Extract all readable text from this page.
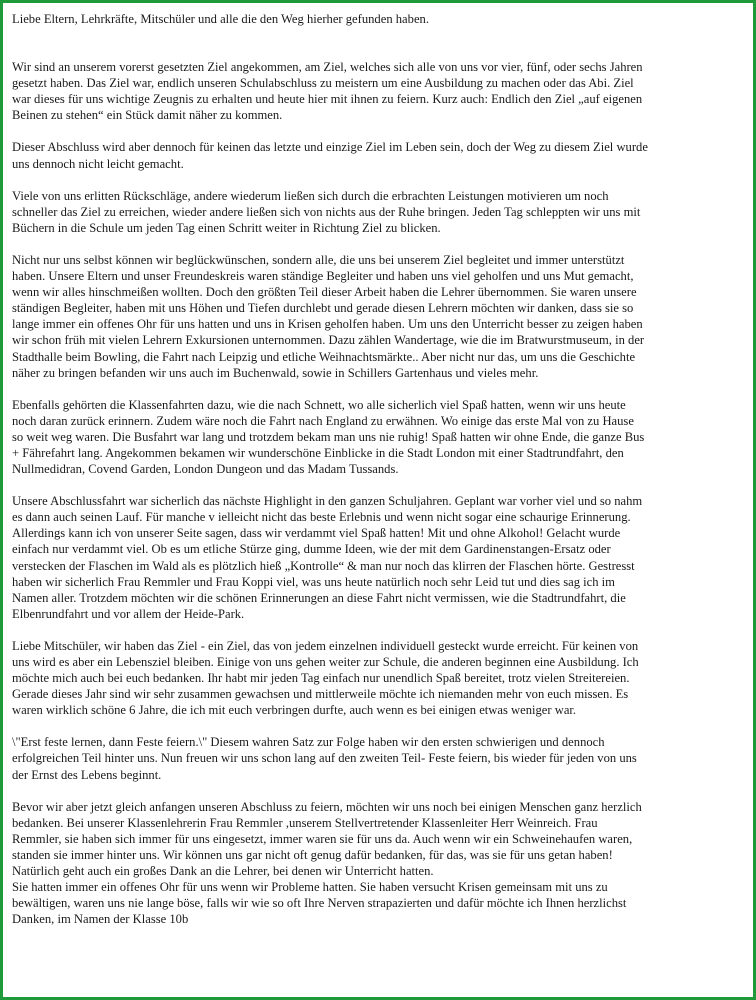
Liebe Eltern, Lehrkräfte, Mitschüler und alle die den Weg hierher gefunden haben.

Wir sind an unserem vorerst gesetzten Ziel angekommen, am Ziel, welches sich alle von uns vor vier, fünf, oder sechs Jahren
gesetzt haben. Das Ziel war, endlich unseren Schulabschluss zu meistern um eine Ausbildung zu machen oder das Abi. Ziel
war dieses für uns wichtige Zeugnis zu erhalten und heute hier mit ihnen zu feiern. Kurz auch: Endlich den Ziel „auf eigenen
Beinen zu stehen“ ein Stück damit näher zu kommen.

Dieser Abschluss wird aber dennoch für keinen das letzte und einzige Ziel im Leben sein, doch der Weg zu diesem Ziel wurde
uns dennoch nicht leicht gemacht.

Viele von uns erlitten Rückschläge, andere wiederum ließen sich durch die erbrachten Leistungen motivieren um noch
schneller das Ziel zu erreichen, wieder andere ließen sich von nichts aus der Ruhe bringen. Jeden Tag schleppten wir uns mit
Büchern in die Schule um jeden Tag einen Schritt weiter in Richtung Ziel zu blicken.

Nicht nur uns selbst können wir beglückwünschen, sondern alle, die uns bei unserem Ziel begleitet und immer unterstützt
haben. Unsere Eltern und unser Freundeskreis waren ständige Begleiter und haben uns viel geholfen und uns Mut gemacht,
wenn wir alles hinschmeißen wollten. Doch den größten Teil dieser Arbeit haben die Lehrer übernommen. Sie waren unsere
ständigen Begleiter, haben mit uns Höhen und Tiefen durchlebt und gerade diesen Lehrern möchten wir danken, dass sie so
lange immer ein offenes Ohr für uns hatten und uns in Krisen geholfen haben. Um uns den Unterricht besser zu zeigen haben
wir schon früh mit vielen Lehrern Exkursionen unternommen. Dazu zählen Wandertage, wie die im Bratwurstmuseum, in der
Stadthalle beim Bowling, die Fahrt nach Leipzig und etliche Weihnachtsmärkte.. Aber nicht nur das, um uns die Geschichte
näher zu bringen befanden wir uns auch im Buchenwald, sowie in Schillers Gartenhaus und vieles mehr.

Ebenfalls gehörten die Klassenfahrten dazu, wie die nach Schnett, wo alle sicherlich viel Spaß hatten, wenn wir uns heute
noch daran zurück erinnern. Zudem wäre noch die Fahrt nach England zu erwähnen. Wo einige das erste Mal von zu Hause
so weit weg waren. Die Busfahrt war lang und trotzdem bekam man uns nie ruhig! Spaß hatten wir ohne Ende, die ganze Bus
+ Fährefahrt lang. Angekommen bekamen wir wunderschöne Einblicke in die Stadt London mit einer Stadtrundfahrt, den
Nullmedidran, Covend Garden, London Dungeon und das Madam Tussands.

Unsere Abschlussfahrt war sicherlich das nächste Highlight in den ganzen Schuljahren. Geplant war vorher viel und so nahm
es dann auch seinen Lauf. Für manche v ielleicht nicht das beste Erlebnis und wenn nicht sogar eine schaurige Erinnerung.
Allerdings kann ich von unserer Seite sagen, dass wir verdammt viel Spaß hatten! Mit und ohne Alkohol! Gelacht wurde
einfach nur verdammt viel. Ob es um etliche Stürze ging, dumme Ideen, wie der mit dem Gardinenstangen-Ersatz oder
verstecken der Flaschen im Wald als es plötzlich hieß „Kontrolle“ & man nur noch das klirren der Flaschen hörte. Gestresst
haben wir sicherlich Frau Remmler und Frau Koppi viel, was uns heute natürlich noch sehr Leid tut und dies sag ich im
Namen aller. Trotzdem möchten wir die schönen Erinnerungen an diese Fahrt nicht vermissen, wie die Stadtrundfahrt, die
Elbenrundfahrt und vor allem der Heide-Park.

Liebe Mitschüler, wir haben das Ziel - ein Ziel, das von jedem einzelnen individuell gesteckt wurde erreicht. Für keinen von
uns wird es aber ein Lebensziel bleiben. Einige von uns gehen weiter zur Schule, die anderen beginnen eine Ausbildung. Ich
möchte mich auch bei euch bedanken. Ihr habt mir jeden Tag einfach nur unendlich Spaß bereitet, trotz vielen Streitereien.
Gerade dieses Jahr sind wir sehr zusammen gewachsen und mittlerweile möchte ich niemanden mehr von euch missen. Es
waren wirklich schöne 6 Jahre, die ich mit euch verbringen durfte, auch wenn es bei einigen etwas weniger war.

\"Erst feste lernen, dann Feste feiern.\" Diesem wahren Satz zur Folge haben wir den ersten schwierigen und dennoch
erfolgreichen Teil hinter uns. Nun freuen wir uns schon lang auf den zweiten Teil- Feste feiern, bis wieder für jeden von uns
der Ernst des Lebens beginnt.

Bevor wir aber jetzt gleich anfangen unseren Abschluss zu feiern, möchten wir uns noch bei einigen Menschen ganz herzlich
bedanken. Bei unserer Klassenlehrerin Frau Remmler ,unserem Stellvertretender Klassenleiter Herr Weinreich. Frau
Remmler, sie haben sich immer für uns eingesetzt, immer waren sie für uns da. Auch wenn wir ein Schweinehaufen waren,
standen sie immer hinter uns. Wir können uns gar nicht oft genug dafür bedanken, für das, was sie für uns getan haben!
Natürlich geht auch ein großes Dank an die Lehrer, bei denen wir Unterricht hatten.

Sie hatten immer ein offenes Ohr für uns wenn wir Probleme hatten. Sie haben versucht Krisen gemeinsam mit uns zu
bewältigen, waren uns nie lange böse, falls wir wie so oft Ihre Nerven strapazierten und dafür möchte ich Ihnen herzlichst
Danken, im Namen der Klasse 10b
